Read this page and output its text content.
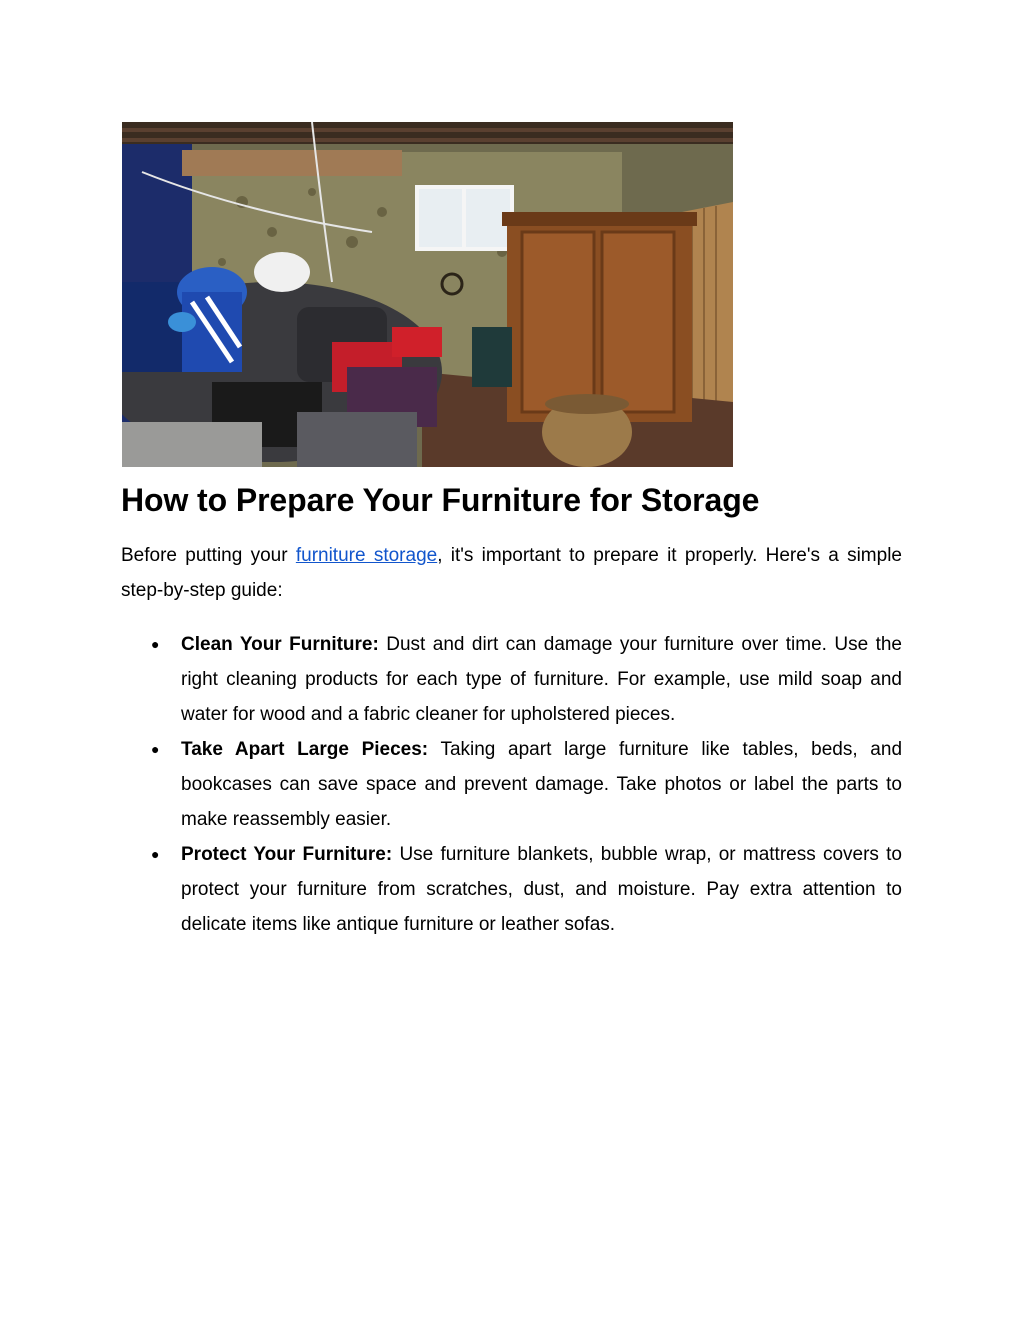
How to Prepare Your Furniture for Storage

Before putting your furniture storage, it's important to prepare it properly. Here's a simple step-by-step guide:

● Clean Your Furniture: Dust and dirt can damage your furniture over time. Use the right cleaning products for each type of furniture. For example, use mild soap and water for wood and a fabric cleaner for upholstered pieces.
● Take Apart Large Pieces: Taking apart large furniture like tables, beds, and bookcases can save space and prevent damage. Take photos or label the parts to make reassembly easier.
● Protect Your Furniture: Use furniture blankets, bubble wrap, or mattress covers to protect your furniture from scratches, dust, and moisture. Pay extra attention to delicate items like antique furniture or leather sofas.
